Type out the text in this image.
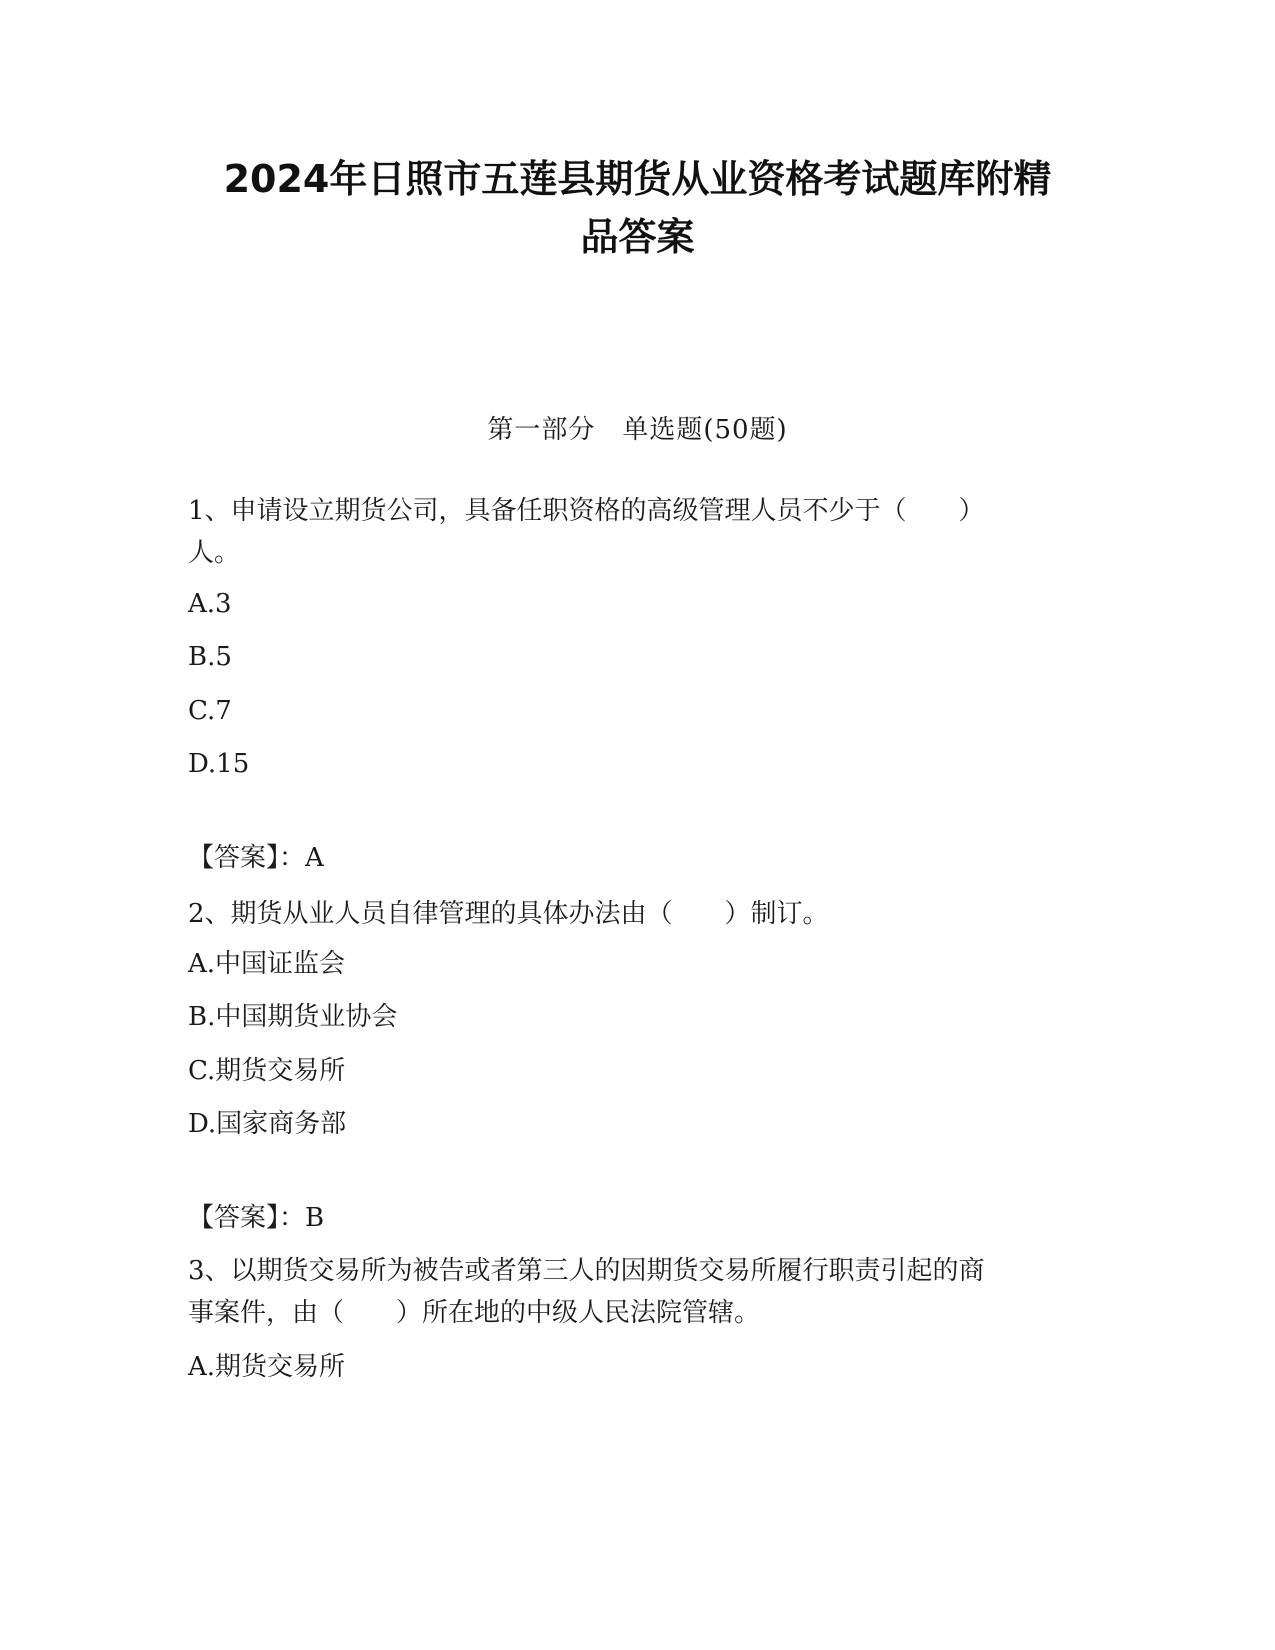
2024年日照市五莲县期货从业资格考试题库附精
品答案
第一部分　单选题(50题)

1、申请设立期货公司，具备任职资格的高级管理人员不少于（　　）

人。

A.3
B.5
C.7
D.15
【答案】：A

2、期货从业人员自律管理的具体办法由（　　）制订。

A.中国证监会
B.中国期货业协会
C.期货交易所
D.国家商务部
【答案】：B

3、以期货交易所为被告或者第三人的因期货交易所履行职责引起的商

事案件，由（　　）所在地的中级人民法院管辖。

A.期货交易所
